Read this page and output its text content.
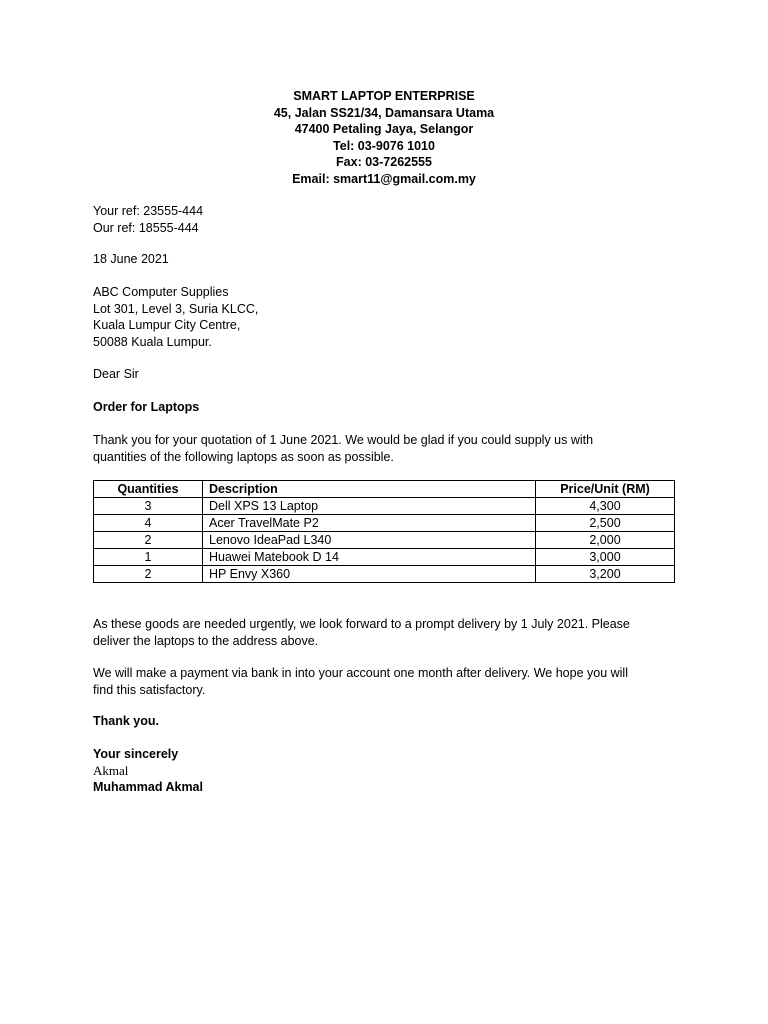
SMART LAPTOP ENTERPRISE
45, Jalan SS21/34, Damansara Utama
47400 Petaling Jaya, Selangor
Tel: 03-9076 1010
Fax: 03-7262555
Email: smart11@gmail.com.my
Your ref: 23555-444
Our ref: 18555-444
18 June 2021
ABC Computer Supplies
Lot 301, Level 3, Suria KLCC,
Kuala Lumpur City Centre,
50088 Kuala Lumpur.
Dear Sir
Order for Laptops
Thank you for your quotation of 1 June 2021. We would be glad if you could supply us with
quantities of the following laptops as soon as possible.
Quantities	Description	Price/Unit (RM)
3	Dell XPS 13 Laptop	4,300
4	Acer TravelMate P2	2,500
2	Lenovo IdeaPad L340	2,000
1	Huawei Matebook D 14	3,000
2	HP Envy X360	3,200
As these goods are needed urgently, we look forward to a prompt delivery by 1 July 2021. Please
deliver the laptops to the address above.
We will make a payment via bank in into your account one month after delivery. We hope you will
find this satisfactory.
Thank you.
Your sincerely
Akmal
Muhammad Akmal
